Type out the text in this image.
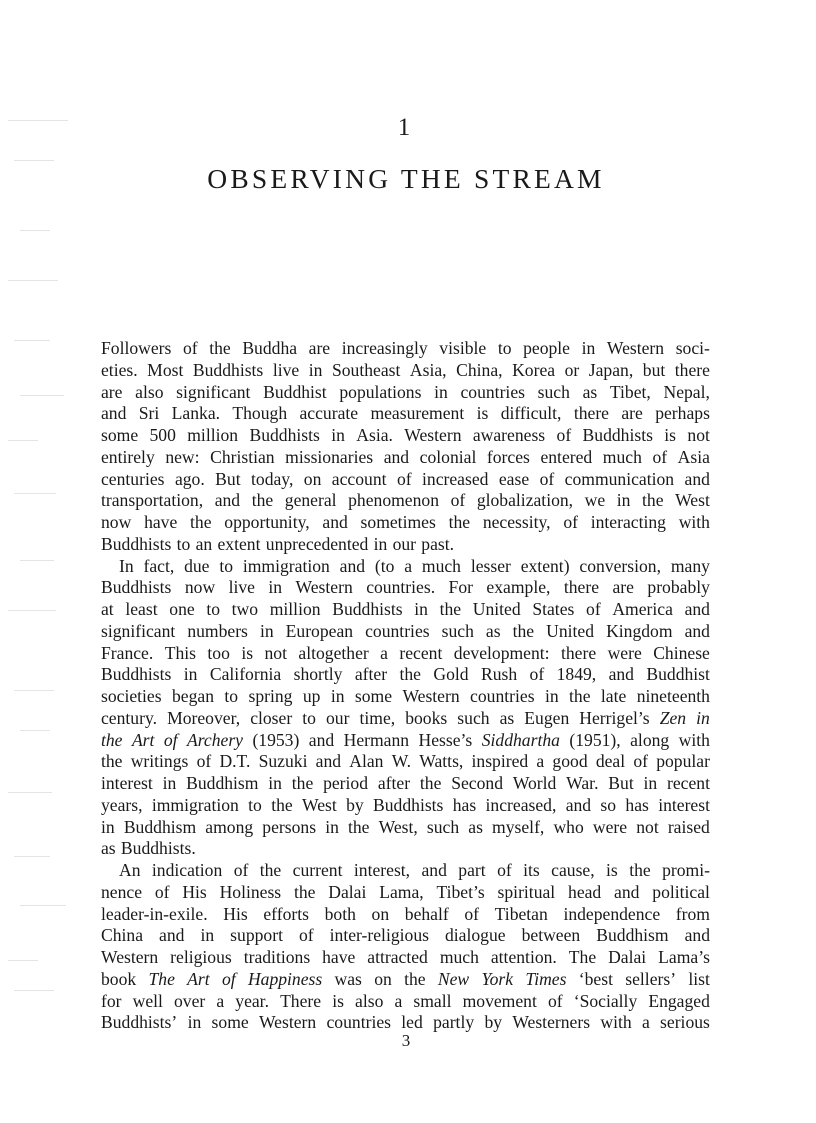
1
OBSERVING THE STREAM
Followers of the Buddha are increasingly visible to people in Western soci-
eties. Most Buddhists live in Southeast Asia, China, Korea or Japan, but there
are also significant Buddhist populations in countries such as Tibet, Nepal,
and Sri Lanka. Though accurate measurement is difficult, there are perhaps
some 500 million Buddhists in Asia. Western awareness of Buddhists is not
entirely new: Christian missionaries and colonial forces entered much of Asia
centuries ago. But today, on account of increased ease of communication and
transportation, and the general phenomenon of globalization, we in the West
now have the opportunity, and sometimes the necessity, of interacting with
Buddhists to an extent unprecedented in our past.
In fact, due to immigration and (to a much lesser extent) conversion, many
Buddhists now live in Western countries. For example, there are probably
at least one to two million Buddhists in the United States of America and
significant numbers in European countries such as the United Kingdom and
France. This too is not altogether a recent development: there were Chinese
Buddhists in California shortly after the Gold Rush of 1849, and Buddhist
societies began to spring up in some Western countries in the late nineteenth
century. Moreover, closer to our time, books such as Eugen Herrigel’s Zen in
the Art of Archery (1953) and Hermann Hesse’s Siddhartha (1951), along with
the writings of D.T. Suzuki and Alan W. Watts, inspired a good deal of popular
interest in Buddhism in the period after the Second World War. But in recent
years, immigration to the West by Buddhists has increased, and so has interest
in Buddhism among persons in the West, such as myself, who were not raised
as Buddhists.
An indication of the current interest, and part of its cause, is the promi-
nence of His Holiness the Dalai Lama, Tibet’s spiritual head and political
leader-in-exile. His efforts both on behalf of Tibetan independence from
China and in support of inter-religious dialogue between Buddhism and
Western religious traditions have attracted much attention. The Dalai Lama’s
book The Art of Happiness was on the New York Times ‘best sellers’ list
for well over a year. There is also a small movement of ‘Socially Engaged
Buddhists’ in some Western countries led partly by Westerners with a serious
3
